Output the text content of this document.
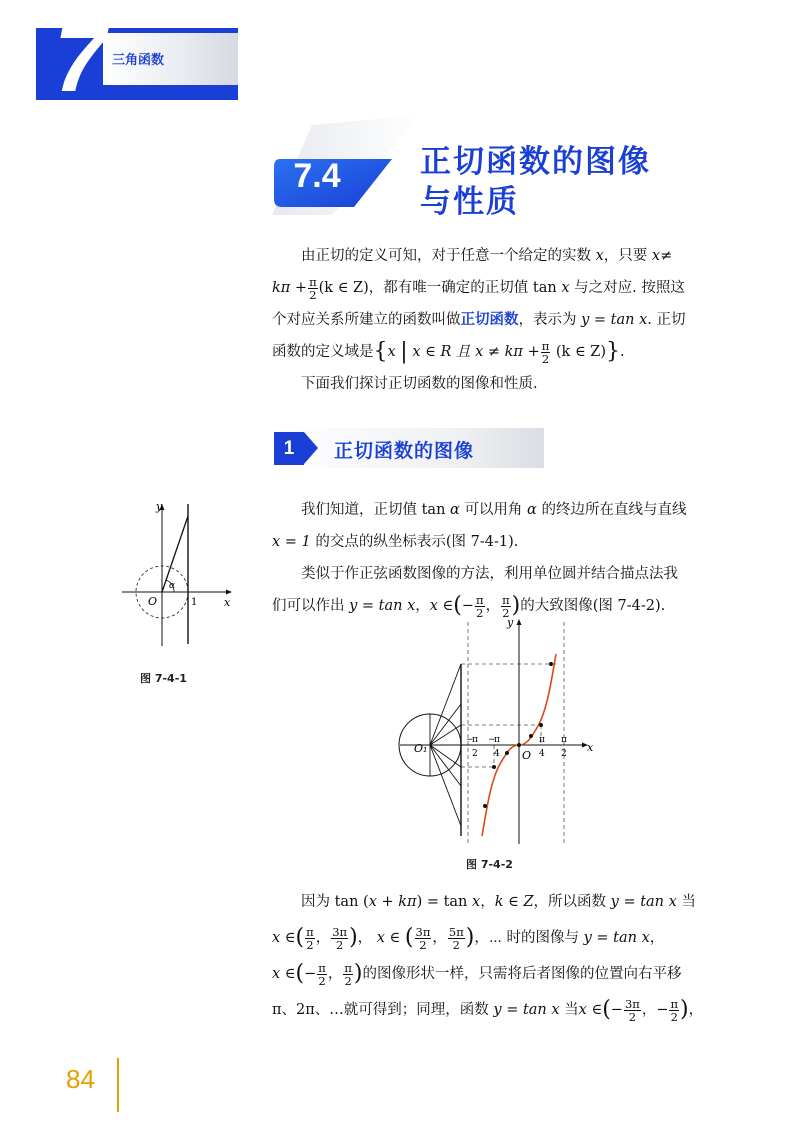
7 三角函数
7.4	正切函数的图像
与性质
由正切的定义可知，对于任意一个给定的实数 x，只要 x≠
$k\pi + \frac{\pi}{2} (k$ ∈ Z)，都有唯一确定的正切值 tan x 与之对应. 按照这
个对应关系所建立的函数叫做正切函数，表示为 y = tan x. 正切
函数的定义域是{x | x ∈ R 且 $x \ne k\pi + \frac{\pi}{2} (k$ ∈ Z)}.
下面我们探讨正切函数的图像和性质.
1	正切函数的图像
y
x
O	1
α
图 7-4-1
我们知道，正切值 tan α 可以用角 α 的终边所在直线与直线
x = 1 的交点的纵坐标表示(图 7-4-1).
类似于作正弦函数图像的方法，利用单位圆并结合描点法我
们可以作出 y = tan x，x ∈(− $\frac{\pi}{2}$ ， $\frac{\pi}{2}$ )的大致图像(图 7-4-2).
y
x
O
O₁
−
π
2
−
π
4
π
4
π
2
图 7-4-2
因为 tan (x + kπ) = tan x，k ∈ Z，所以函数 y = tan x 当
x ∈( $\frac{\pi}{2}$ ， $\frac{3\pi}{2}$ )， x ∈ ( $\frac{3\pi}{2}$ ， $\frac{5\pi}{2}$ )，⋯ 时的图像与 y = tan x，
x ∈(− $\frac{\pi}{2}$ ， $\frac{\pi}{2}$ )的图像形状一样，只需将后者图像的位置向右平移
π、2π、…就可得到；同理，函数 y = tan x 当x ∈(− $\frac{3\pi}{2}$ ，− $\frac{\pi}{2}$ )，
84
